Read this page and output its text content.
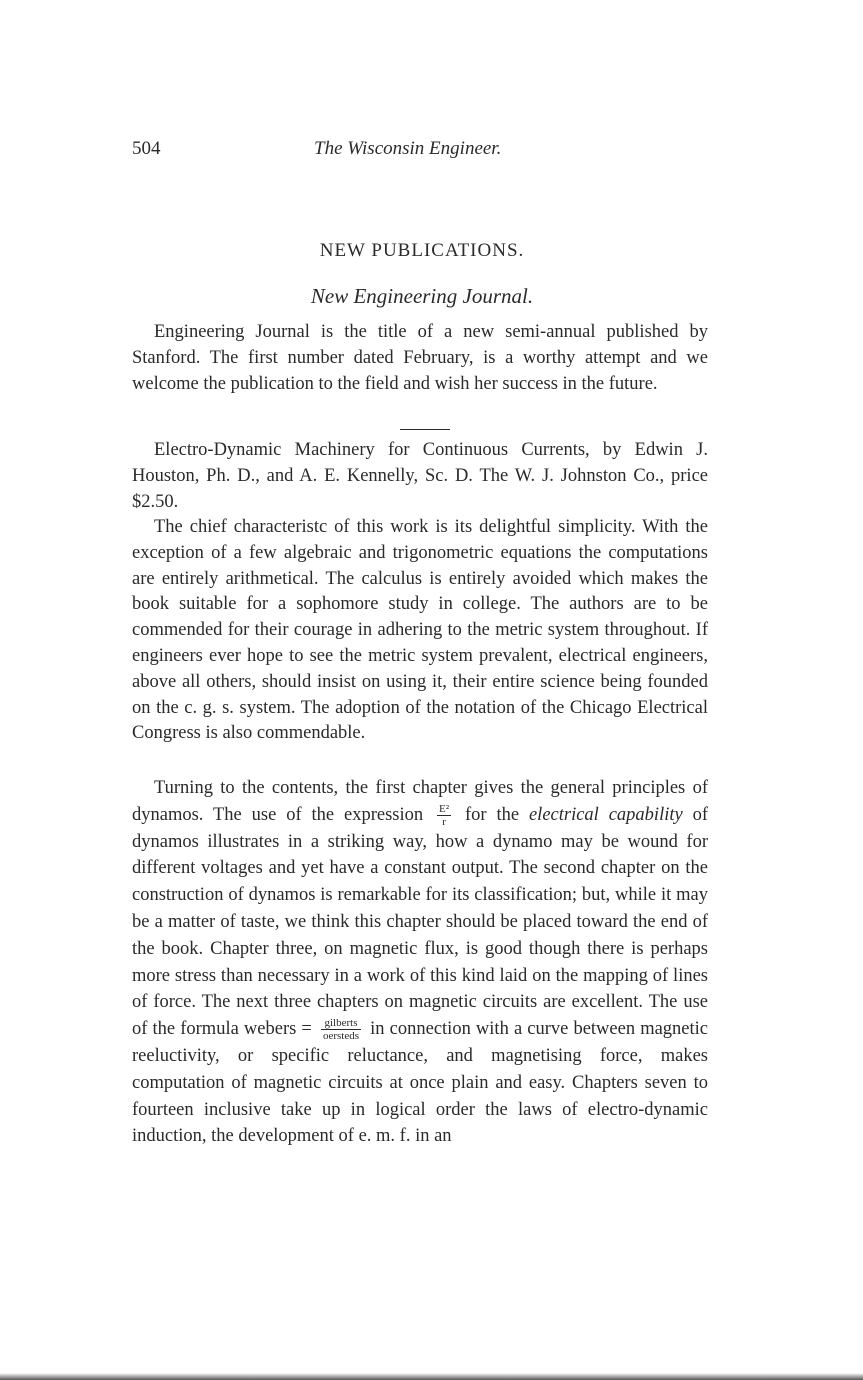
504	The Wisconsin Engineer.
NEW PUBLICATIONS.
New Engineering Journal.

Engineering Journal is the title of a new semi-annual published by Stanford. The first number dated February, is a worthy attempt and we welcome the publication to the field and wish her success in the future.

Electro-Dynamic Machinery for Continuous Currents, by Edwin J. Houston, Ph. D., and A. E. Kennelly, Sc. D. The W. J. Johnston Co., price $2.50.

The chief characteristc of this work is its delightful simplicity. With the exception of a few algebraic and trigonometric equations the computations are entirely arithmetical. The calculus is entirely avoided which makes the book suitable for a sophomore study in college. The authors are to be commended for their courage in adhering to the metric system throughout. If engineers ever hope to see the metric system prevalent, electrical engineers, above all others, should insist on using it, their entire science being founded on the c. g. s. system. The adoption of the notation of the Chicago Electrical Congress is also commendable.

Turning to the contents, the first chapter gives the general principles of dynamos. The use of the expression $\frac{\text{E²}}{r}$ for the electrical capability of dynamos illustrates in a striking way, how a dynamo may be wound for different voltages and yet have a constant output. The second chapter on the construction of dynamos is remarkable for its classification; but, while it may be a matter of taste, we think this chapter should be placed toward the end of the book. Chapter three, on magnetic flux, is good though there is perhaps more stress than necessary in a work of this kind laid on the mapping of lines of force. The next three chapters on magnetic circuits are excellent. The use of the formula webers = $\frac{\text{gilberts}}{\text{oersteds}}$ in connection with a curve between magnetic reeluctivity, or specific reluctance, and magnetising force, makes computation of magnetic circuits at once plain and easy. Chapters seven to fourteen inclusive take up in logical order the laws of electro-dynamic induction, the development of e. m. f. in an
